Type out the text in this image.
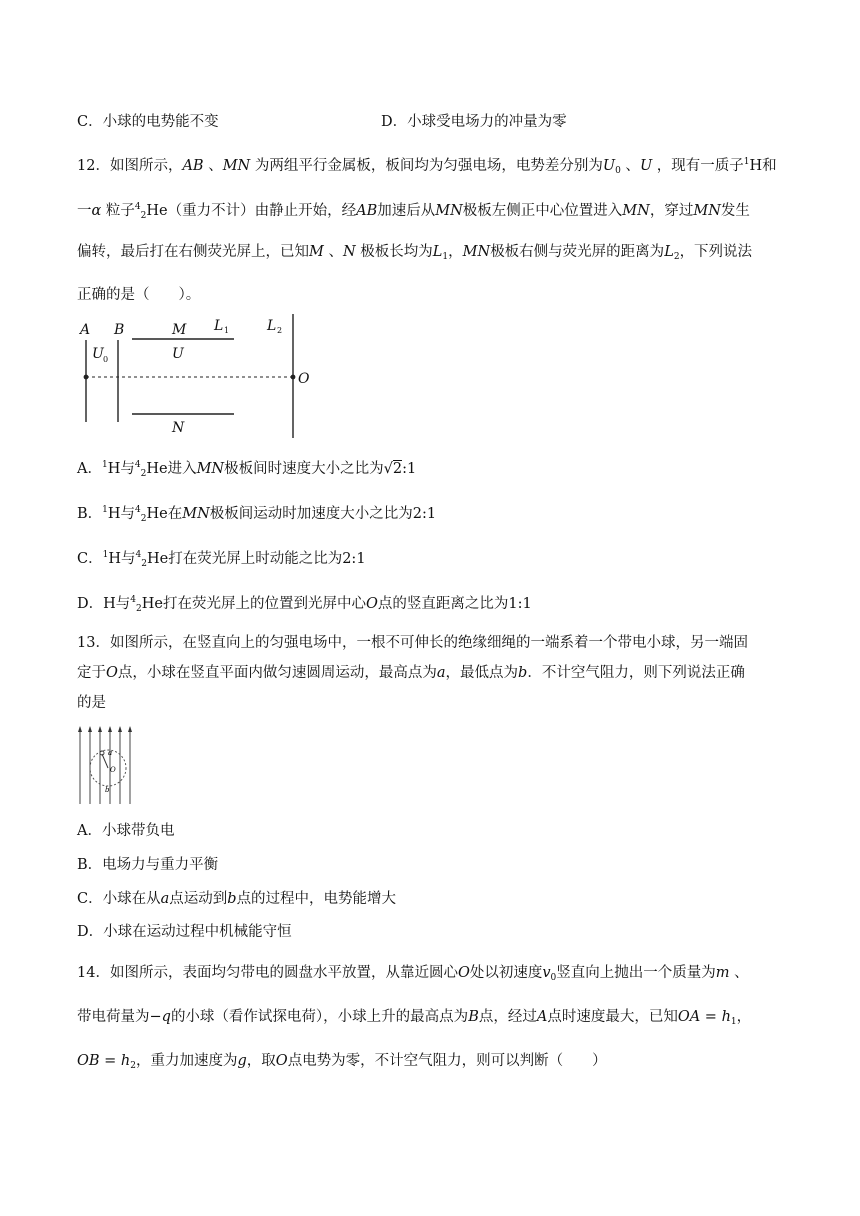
C．小球的电势能不变	D．小球受电场力的冲量为零
12．如图所示，AB 、MN 为两组平行金属板，板间均为匀强电场，电势差分别为$U_0$ 、U ，现有一质子$^1$H和
一α 粒子$^4_2$He（重力不计）由静止开始，经AB加速后从MN极板左侧正中心位置进入MN，穿过MN发生
偏转，最后打在右侧荧光屏上，已知M 、N 极板长均为$L_1$，MN极板右侧与荧光屏的距离为$L_2$，下列说法
正确的是（　　）。
A B	M L 1	L 2
U 0	U
N
O
A．$^1$H与$^4_2$He进入MN极板间时速度大小之比为√2:1
B．$^1$H与$^4_2$He在MN极板间运动时加速度大小之比为2:1
C．$^1$H与$^4_2$He打在荧光屏上时动能之比为2:1
D．H与$^4_2$He打在荧光屏上的位置到光屏中心O点的竖直距离之比为1:1
13．如图所示，在竖直向上的匀强电场中，一根不可伸长的绝缘细绳的一端系着一个带电小球，另一端固
定于O点，小球在竖直平面内做匀速圆周运动，最高点为a，最低点为b．不计空气阻力，则下列说法正确
的是
a
O
b
A．小球带负电
B．电场力与重力平衡
C．小球在从a点运动到b点的过程中，电势能增大
D．小球在运动过程中机械能守恒
14．如图所示，表面均匀带电的圆盘水平放置，从靠近圆心O处以初速度$v_0$竖直向上抛出一个质量为m 、
带电荷量为−q的小球（看作试探电荷），小球上升的最高点为B点，经过A点时速度最大，已知OA = $h_1$，
OB = $h_2$，重力加速度为g，取O点电势为零，不计空气阻力，则可以判断（　　）
